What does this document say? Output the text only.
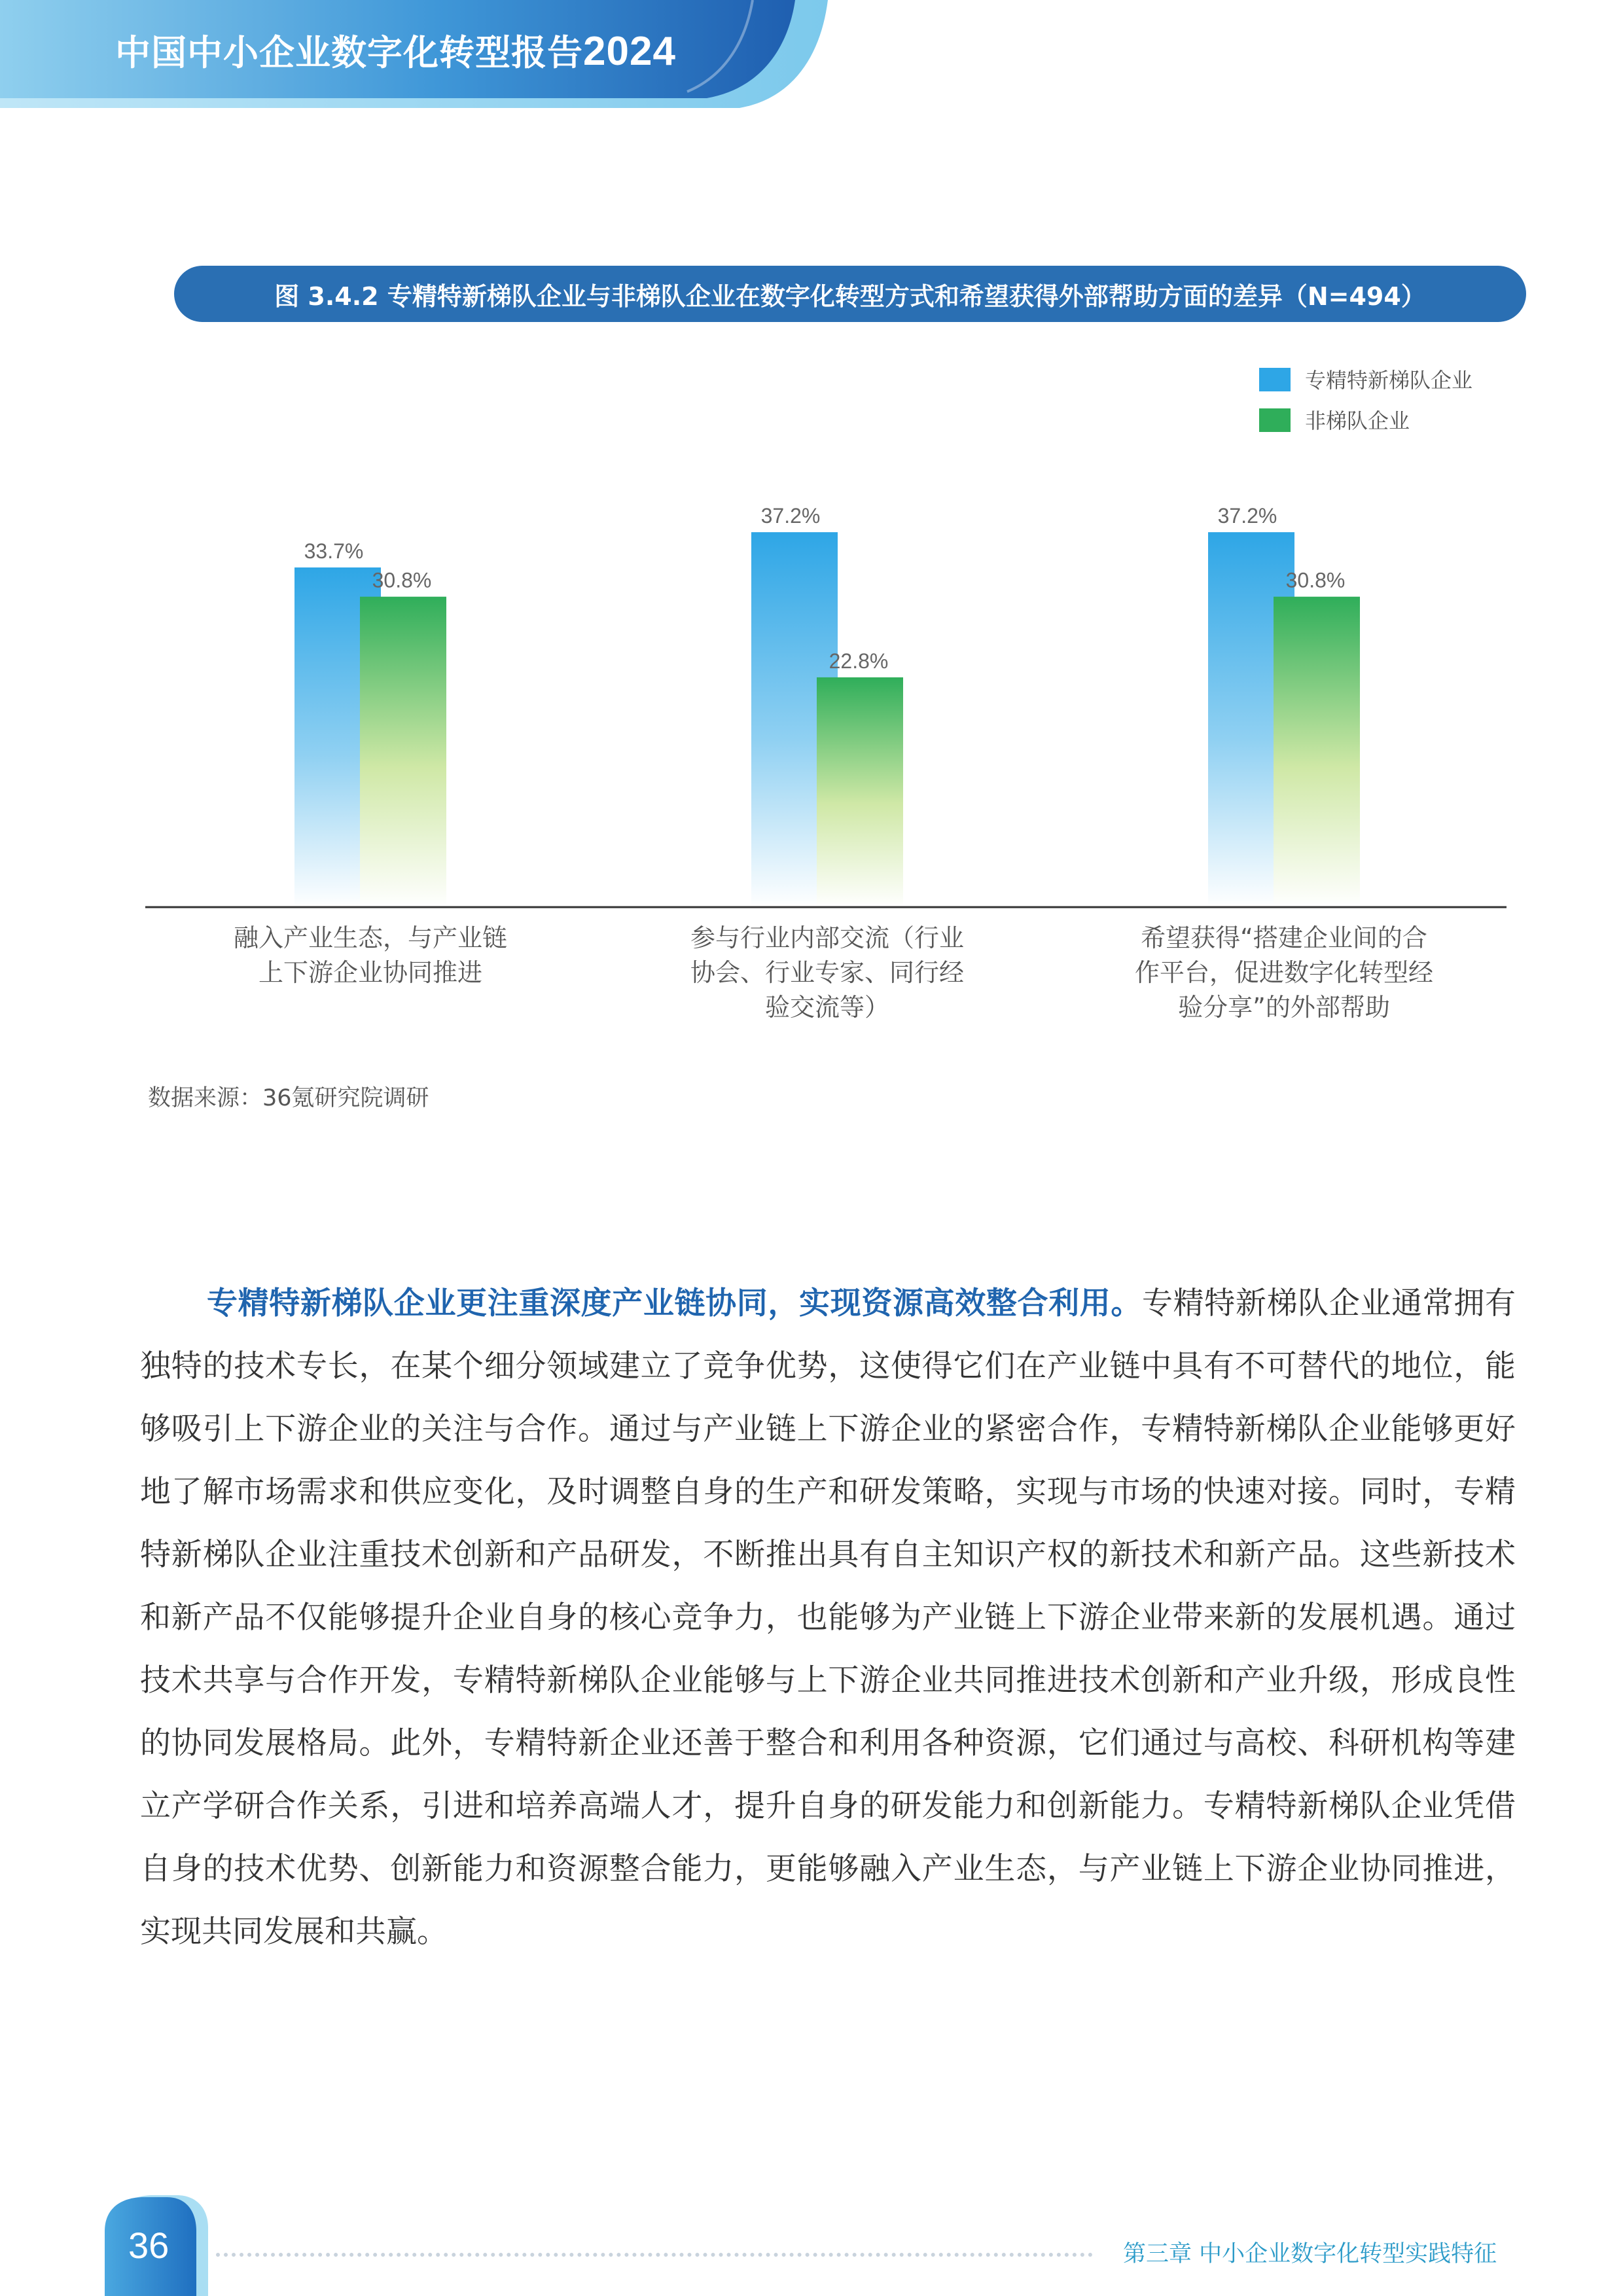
中国中小企业数字化转型报告2024
图 3.4.2 专精特新梯队企业与非梯队企业在数字化转型方式和希望获得外部帮助方面的差异（N=494）
专精特新梯队企业
非梯队企业
33.7%
30.8%
37.2%
22.8%
37.2%
30.8%
融入产业生态，与产业链
上下游企业协同推进
参与行业内部交流（行业
协会、行业专家、同行经
验交流等）
希望获得“搭建企业间的合
作平台，促进数字化转型经
验分享”的外部帮助
数据来源：36氪研究院调研
专精特新梯队企业更注重深度产业链协同，实现资源高效整合利用。专精特新梯队企业通常拥有独特的技术专长，在某个细分领域建立了竞争优势，这使得它们在产业链中具有不可替代的地位，能够吸引上下游企业的关注与合作。通过与产业链上下游企业的紧密合作，专精特新梯队企业能够更好地了解市场需求和供应变化，及时调整自身的生产和研发策略，实现与市场的快速对接。同时，专精特新梯队企业注重技术创新和产品研发，不断推出具有自主知识产权的新技术和新产品。这些新技术和新产品不仅能够提升企业自身的核心竞争力，也能够为产业链上下游企业带来新的发展机遇。通过技术共享与合作开发，专精特新梯队企业能够与上下游企业共同推进技术创新和产业升级，形成良性的协同发展格局。此外，专精特新企业还善于整合和利用各种资源，它们通过与高校、科研机构等建立产学研合作关系，引进和培养高端人才，提升自身的研发能力和创新能力。专精特新梯队企业凭借自身的技术优势、创新能力和资源整合能力，更能够融入产业生态，与产业链上下游企业协同推进，实现共同发展和共赢。
36	第三章 中小企业数字化转型实践特征
